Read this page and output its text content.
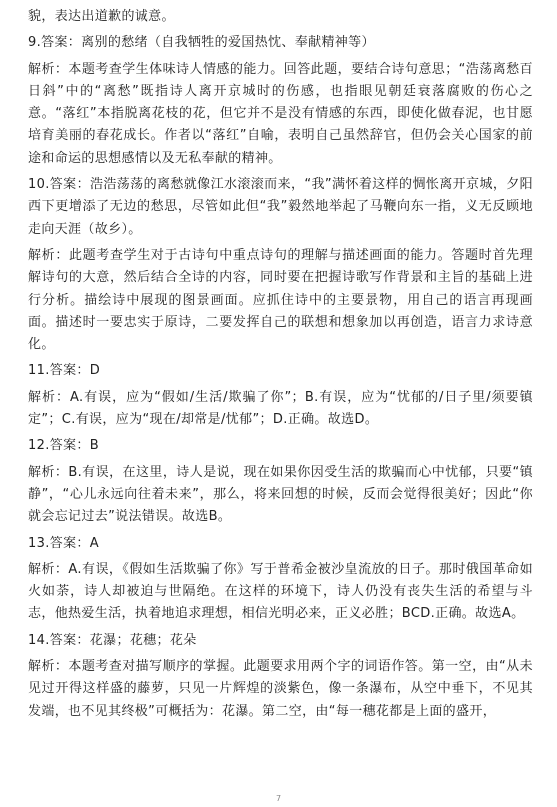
貌，表达出道歉的诚意。

9.答案：离别的愁绪（自我牺牲的爱国热忱、奉献精神等）

解析：本题考查学生体味诗人情感的能力。回答此题，要结合诗句意思；“浩荡离愁百日斜”中的“离愁”既指诗人离开京城时的伤感，也指眼见朝廷衰落腐败的伤心之意。“落红”本指脱离花枝的花，但它并不是没有情感的东西，即使化做春泥，也甘愿培育美丽的春花成长。作者以“落红”自喻，表明自己虽然辞官，但仍会关心国家的前途和命运的思想感情以及无私奉献的精神。

10.答案：浩浩荡荡的离愁就像江水滚滚而来，“我”满怀着这样的惆怅离开京城，夕阳西下更增添了无边的愁思，尽管如此但“我”毅然地举起了马鞭向东一指，义无反顾地走向天涯（故乡）。

解析：此题考查学生对于古诗句中重点诗句的理解与描述画面的能力。答题时首先理解诗句的大意，然后结合全诗的内容，同时要在把握诗歌写作背景和主旨的基础上进行分析。描绘诗中展现的图景画面。应抓住诗中的主要景物，用自己的语言再现画面。描述时一要忠实于原诗，二要发挥自己的联想和想象加以再创造，语言力求诗意化。

11.答案：D

解析：A.有误，应为“假如/生活/欺骗了你”；B.有误，应为“忧郁的/日子里/须要镇定”；C.有误，应为“现在/却常是/忧郁”；D.正确。故选D。

12.答案：B

解析：B.有误，在这里，诗人是说，现在如果你因受生活的欺骗而心中忧郁，只要“镇静”，“心儿永远向往着未来”，那么，将来回想的时候，反而会觉得很美好；因此“你就会忘记过去”说法错误。故选B。

13.答案：A

解析：A.有误，《假如生活欺骗了你》写于普希金被沙皇流放的日子。那时俄国革命如火如荼，诗人却被迫与世隔绝。在这样的环境下，诗人仍没有丧失生活的希望与斗志，他热爱生活，执着地追求理想，相信光明必来，正义必胜；BCD.正确。故选A。

14.答案：花瀑；花穗；花朵

解析：本题考查对描写顺序的掌握。此题要求用两个字的词语作答。第一空，由“从未见过开得这样盛的藤萝，只见一片辉煌的淡紫色，像一条瀑布，从空中垂下，不见其发端，也不见其终极”可概括为：花瀑。第二空，由“每一穗花都是上面的盛开，

7
